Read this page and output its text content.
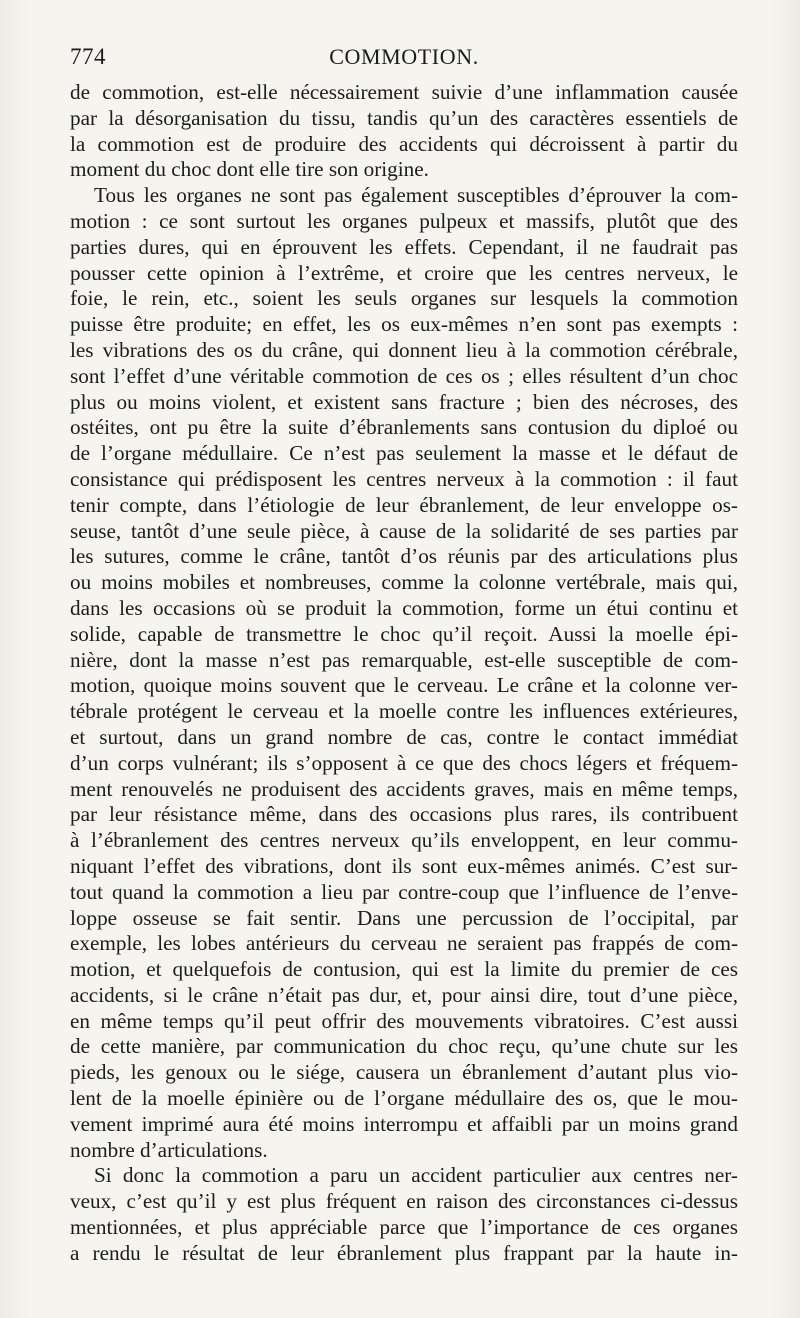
774	COMMOTION.

de commotion, est-elle nécessairement suivie d’une inflammation causée
par la désorganisation du tissu, tandis qu’un des caractères essentiels de
la commotion est de produire des accidents qui décroissent à partir du
moment du choc dont elle tire son origine.

Tous les organes ne sont pas également susceptibles d’éprouver la com-
motion : ce sont surtout les organes pulpeux et massifs, plutôt que des
parties dures, qui en éprouvent les effets. Cependant, il ne faudrait pas
pousser cette opinion à l’extrême, et croire que les centres nerveux, le
foie, le rein, etc., soient les seuls organes sur lesquels la commotion
puisse être produite; en effet, les os eux-mêmes n’en sont pas exempts :
les vibrations des os du crâne, qui donnent lieu à la commotion cérébrale,
sont l’effet d’une véritable commotion de ces os ; elles résultent d’un choc
plus ou moins violent, et existent sans fracture ; bien des nécroses, des
ostéites, ont pu être la suite d’ébranlements sans contusion du diploé ou
de l’organe médullaire. Ce n’est pas seulement la masse et le défaut de
consistance qui prédisposent les centres nerveux à la commotion : il faut
tenir compte, dans l’étiologie de leur ébranlement, de leur enveloppe os-
seuse, tantôt d’une seule pièce, à cause de la solidarité de ses parties par
les sutures, comme le crâne, tantôt d’os réunis par des articulations plus
ou moins mobiles et nombreuses, comme la colonne vertébrale, mais qui,
dans les occasions où se produit la commotion, forme un étui continu et
solide, capable de transmettre le choc qu’il reçoit. Aussi la moelle épi-
nière, dont la masse n’est pas remarquable, est-elle susceptible de com-
motion, quoique moins souvent que le cerveau. Le crâne et la colonne ver-
tébrale protégent le cerveau et la moelle contre les influences extérieures,
et surtout, dans un grand nombre de cas, contre le contact immédiat
d’un corps vulnérant; ils s’opposent à ce que des chocs légers et fréquem-
ment renouvelés ne produisent des accidents graves, mais en même temps,
par leur résistance même, dans des occasions plus rares, ils contribuent
à l’ébranlement des centres nerveux qu’ils enveloppent, en leur commu-
niquant l’effet des vibrations, dont ils sont eux-mêmes animés. C’est sur-
tout quand la commotion a lieu par contre-coup que l’influence de l’enve-
loppe osseuse se fait sentir. Dans une percussion de l’occipital, par
exemple, les lobes antérieurs du cerveau ne seraient pas frappés de com-
motion, et quelquefois de contusion, qui est la limite du premier de ces
accidents, si le crâne n’était pas dur, et, pour ainsi dire, tout d’une pièce,
en même temps qu’il peut offrir des mouvements vibratoires. C’est aussi
de cette manière, par communication du choc reçu, qu’une chute sur les
pieds, les genoux ou le siége, causera un ébranlement d’autant plus vio-
lent de la moelle épinière ou de l’organe médullaire des os, que le mou-
vement imprimé aura été moins interrompu et affaibli par un moins grand
nombre d’articulations.

Si donc la commotion a paru un accident particulier aux centres ner-
veux, c’est qu’il y est plus fréquent en raison des circonstances ci-dessus
mentionnées, et plus appréciable parce que l’importance de ces organes
a rendu le résultat de leur ébranlement plus frappant par la haute in-
